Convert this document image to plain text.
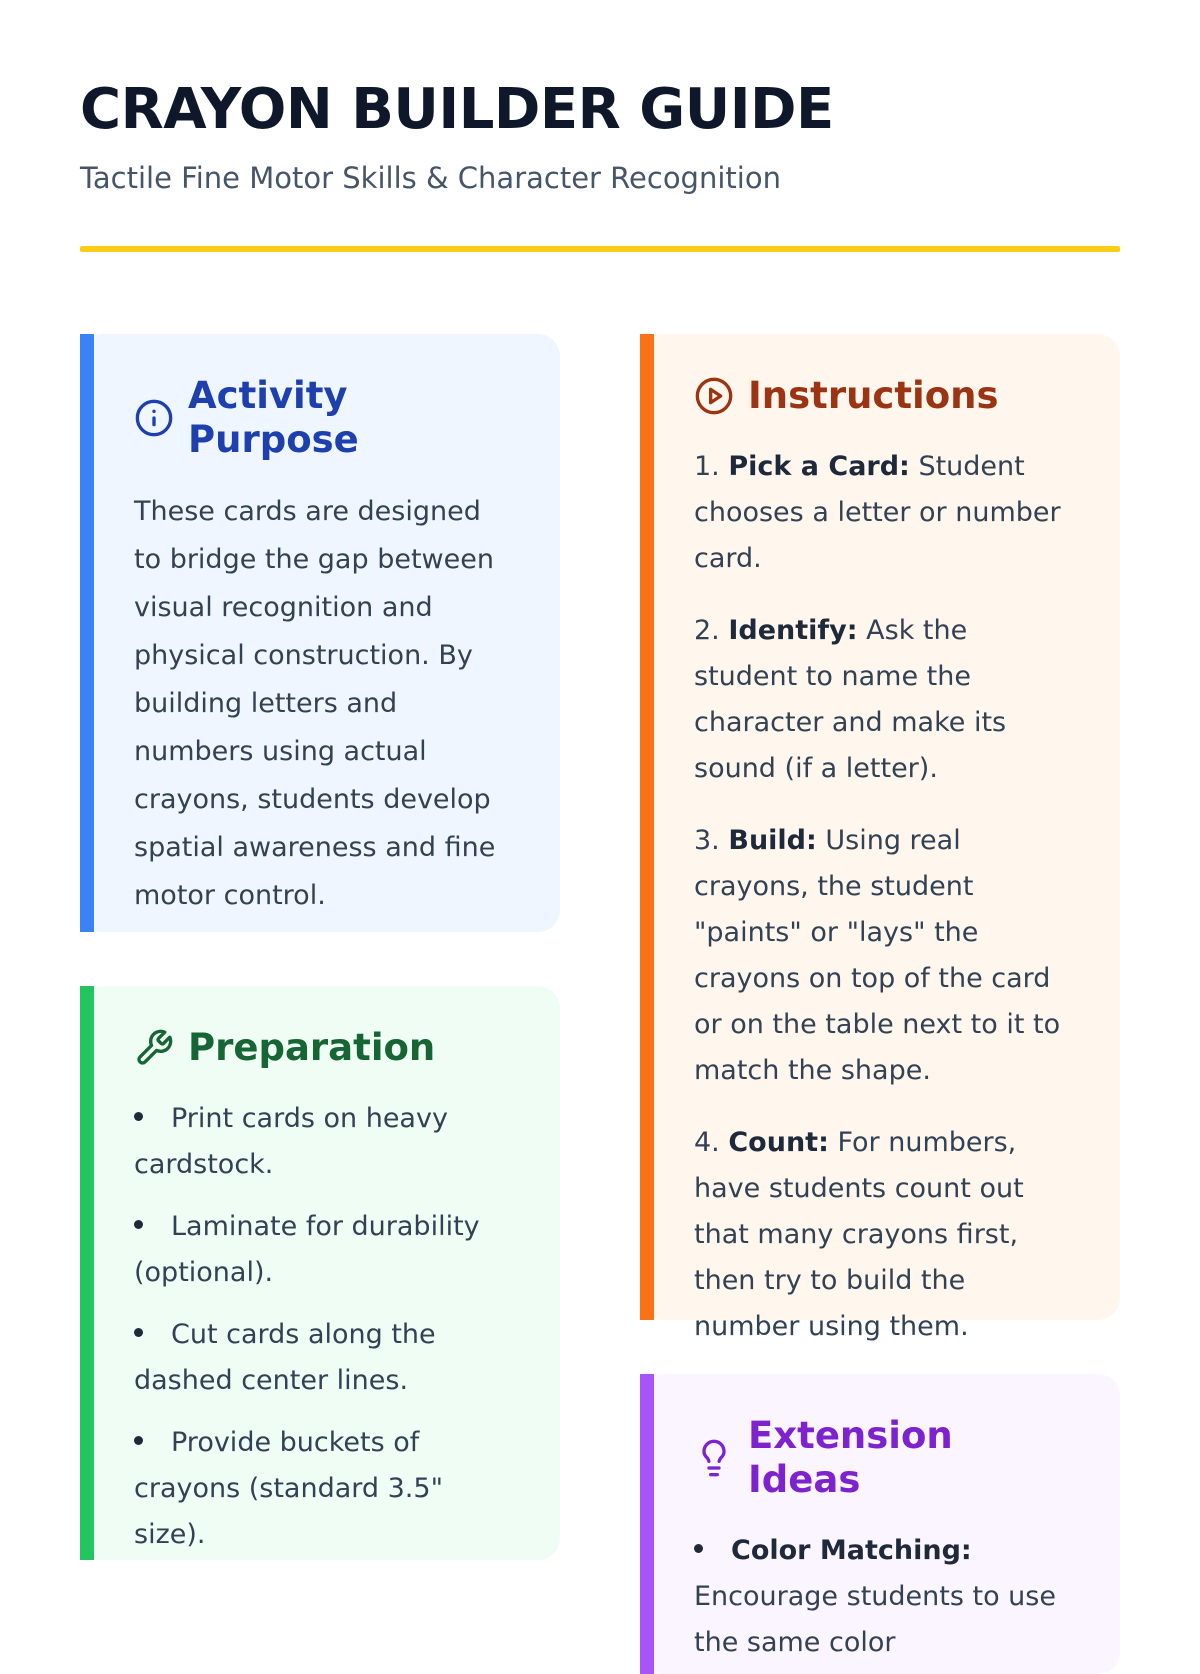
CRAYON BUILDER GUIDE
Tactile Fine Motor Skills & Character Recognition
Activity Purpose
These cards are designed to bridge the gap between visual recognition and physical construction. By building letters and numbers using actual crayons, students develop spatial awareness and fine motor control.
Preparation
Print cards on heavy cardstock.
Laminate for durability (optional).
Cut cards along the dashed center lines.
Provide buckets of crayons (standard 3.5" size).
Instructions
1. Pick a Card: Student chooses a letter or number card.
2. Identify: Ask the student to name the character and make its sound (if a letter).
3. Build: Using real crayons, the student "paints" or "lays" the crayons on top of the card or on the table next to it to match the shape.
4. Count: For numbers, have students count out that many crayons first, then try to build the number using them.
Extension Ideas
Color Matching: Encourage students to use the same color
